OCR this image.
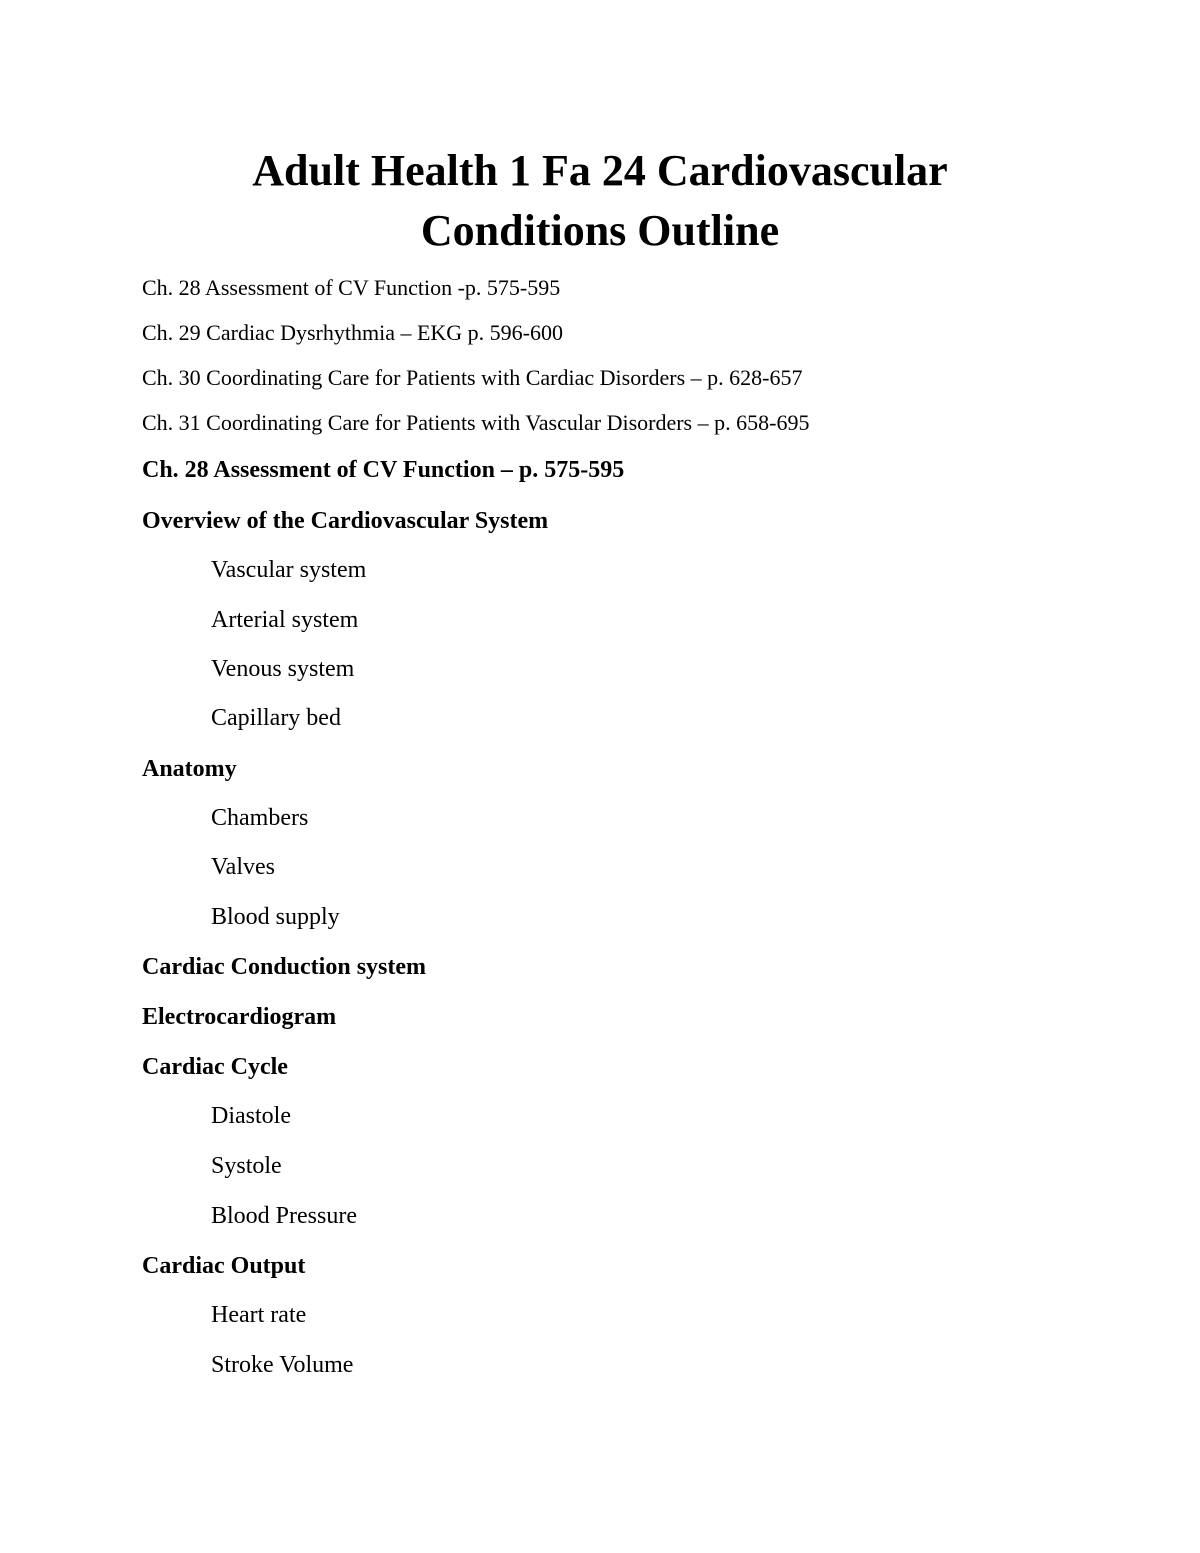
Adult Health 1 Fa 24 Cardiovascular
Conditions Outline

Ch. 28 Assessment of CV Function -p. 575-595

Ch. 29 Cardiac Dysrhythmia – EKG p. 596-600

Ch. 30 Coordinating Care for Patients with Cardiac Disorders – p. 628-657

Ch. 31 Coordinating Care for Patients with Vascular Disorders – p. 658-695

Ch. 28 Assessment of CV Function – p. 575-595

Overview of the Cardiovascular System

Vascular system

Arterial system

Venous system

Capillary bed

Anatomy

Chambers

Valves

Blood supply

Cardiac Conduction system

Electrocardiogram

Cardiac Cycle

Diastole

Systole

Blood Pressure

Cardiac Output

Heart rate

Stroke Volume
